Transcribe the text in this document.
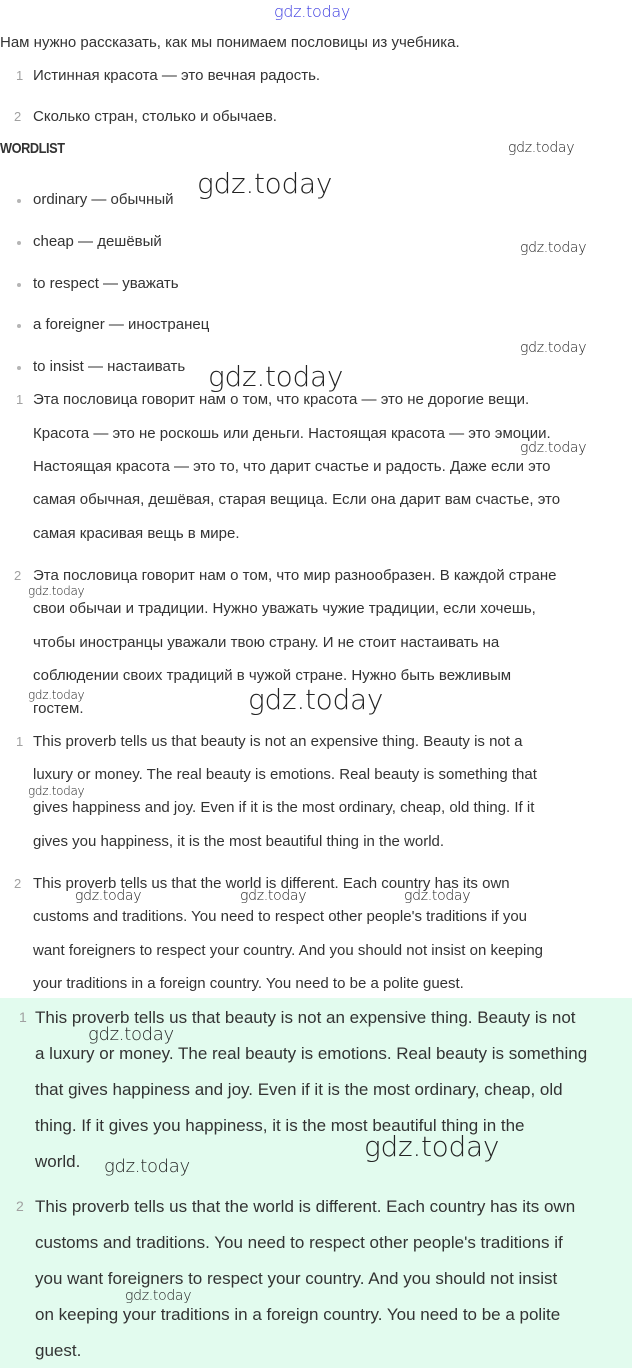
Нам нужно рассказать, как мы понимаем пословицы из учебника.
1 Истинная красота — это вечная радость.
2 Сколько стран, столько и обычаев.
WORDLIST
ordinary — обычный
cheap — дешёвый
to respect — уважать
a foreigner — иностранец
to insist — настаивать
1 Эта пословица говорит нам о том, что красота — это не дорогие вещи.
Красота — это не роскошь или деньги. Настоящая красота — это эмоции.
Настоящая красота — это то, что дарит счастье и радость. Даже если это
самая обычная, дешёвая, старая вещица. Если она дарит вам счастье, это
самая красивая вещь в мире.
2 Эта пословица говорит нам о том, что мир разнообразен. В каждой стране
свои обычаи и традиции. Нужно уважать чужие традиции, если хочешь,
чтобы иностранцы уважали твою страну. И не стоит настаивать на
соблюдении своих традиций в чужой стране. Нужно быть вежливым
гостем.
1 This proverb tells us that beauty is not an expensive thing. Beauty is not a
luxury or money. The real beauty is emotions. Real beauty is something that
gives happiness and joy. Even if it is the most ordinary, cheap, old thing. If it
gives you happiness, it is the most beautiful thing in the world.
2 This proverb tells us that the world is different. Each country has its own
customs and traditions. You need to respect other people's traditions if you
want foreigners to respect your country. And you should not insist on keeping
your traditions in a foreign country. You need to be a polite guest.
1 This proverb tells us that beauty is not an expensive thing. Beauty is not
a luxury or money. The real beauty is emotions. Real beauty is something
that gives happiness and joy. Even if it is the most ordinary, cheap, old
thing. If it gives you happiness, it is the most beautiful thing in the
world.
2 This proverb tells us that the world is different. Each country has its own
customs and traditions. You need to respect other people's traditions if
you want foreigners to respect your country. And you should not insist
on keeping your traditions in a foreign country. You need to be a polite
guest.
gdz.today
gdz.today
gdz.today
gdz.today
gdz.today
gdz.today
gdz.today
gdz.today
gdz.today	gdz.today
gdz.today
gdz.today	gdz.today	gdz.today
gdz.today
gdz.today
gdz.today
gdz.today
